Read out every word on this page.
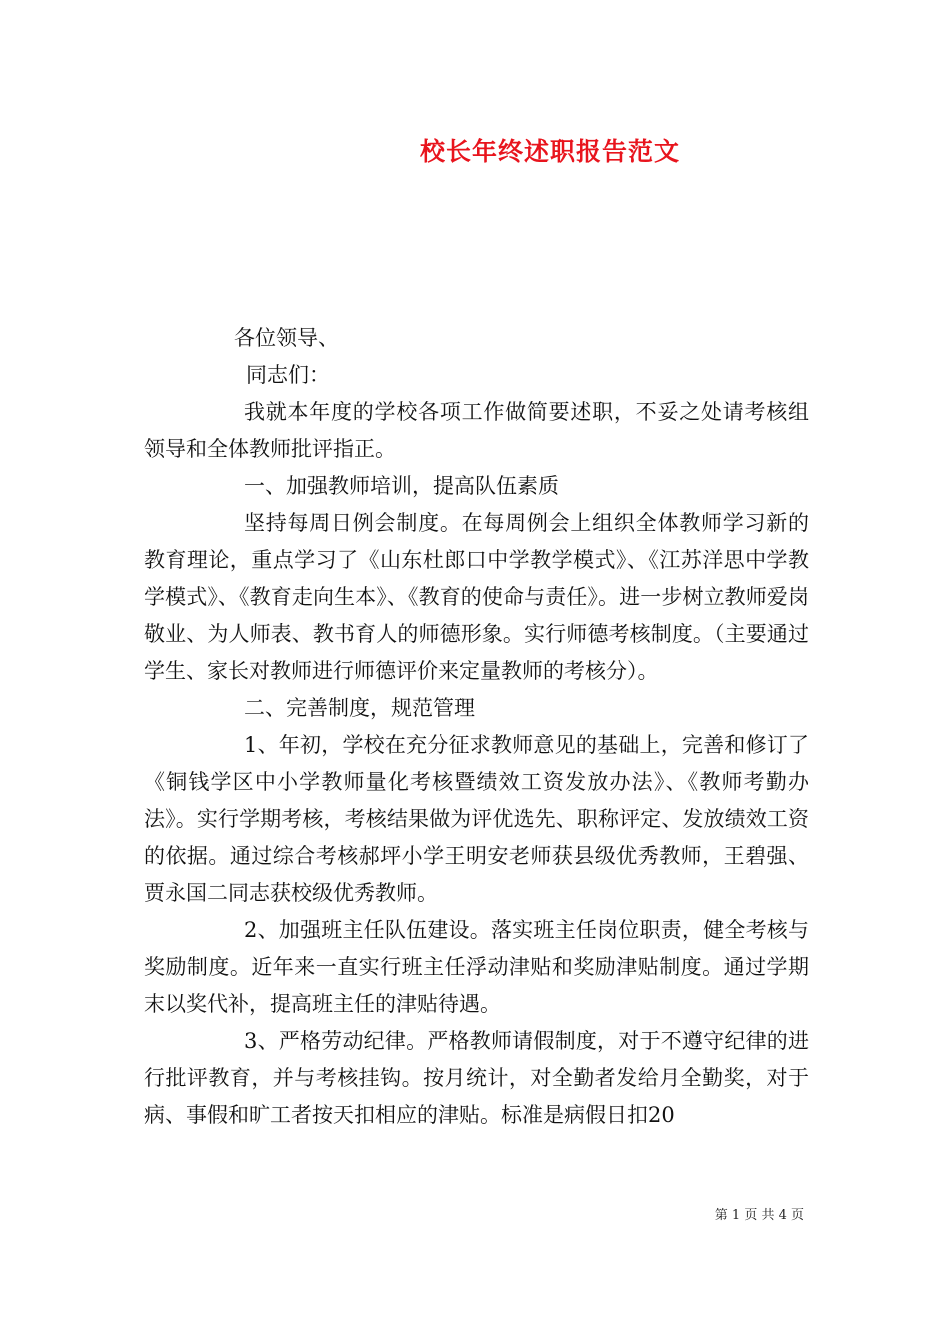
校长年终述职报告范文

各位领导、

同志们：

我就本年度的学校各项工作做简要述职，不妥之处请考核组领导和全体教师批评指正。

一、加强教师培训，提高队伍素质

坚持每周日例会制度。在每周例会上组织全体教师学习新的教育理论，重点学习了《山东杜郎口中学教学模式》、《江苏洋思中学教学模式》、《教育走向生本》、《教育的使命与责任》。进一步树立教师爱岗敬业、为人师表、教书育人的师德形象。实行师德考核制度。（主要通过学生、家长对教师进行师德评价来定量教师的考核分）。

二、完善制度，规范管理

1、年初，学校在充分征求教师意见的基础上，完善和修订了《铜钱学区中小学教师量化考核暨绩效工资发放办法》、《教师考勤办法》。实行学期考核，考核结果做为评优选先、职称评定、发放绩效工资的依据。通过综合考核郝坪小学王明安老师获县级优秀教师，王碧强、贾永国二同志获校级优秀教师。

2、加强班主任队伍建设。落实班主任岗位职责，健全考核与奖励制度。近年来一直实行班主任浮动津贴和奖励津贴制度。通过学期末以奖代补，提高班主任的津贴待遇。

3、严格劳动纪律。严格教师请假制度，对于不遵守纪律的进行批评教育，并与考核挂钩。按月统计，对全勤者发给月全勤奖，对于病、事假和旷工者按天扣相应的津贴。标准是病假日扣20

第 1 页 共 4 页
